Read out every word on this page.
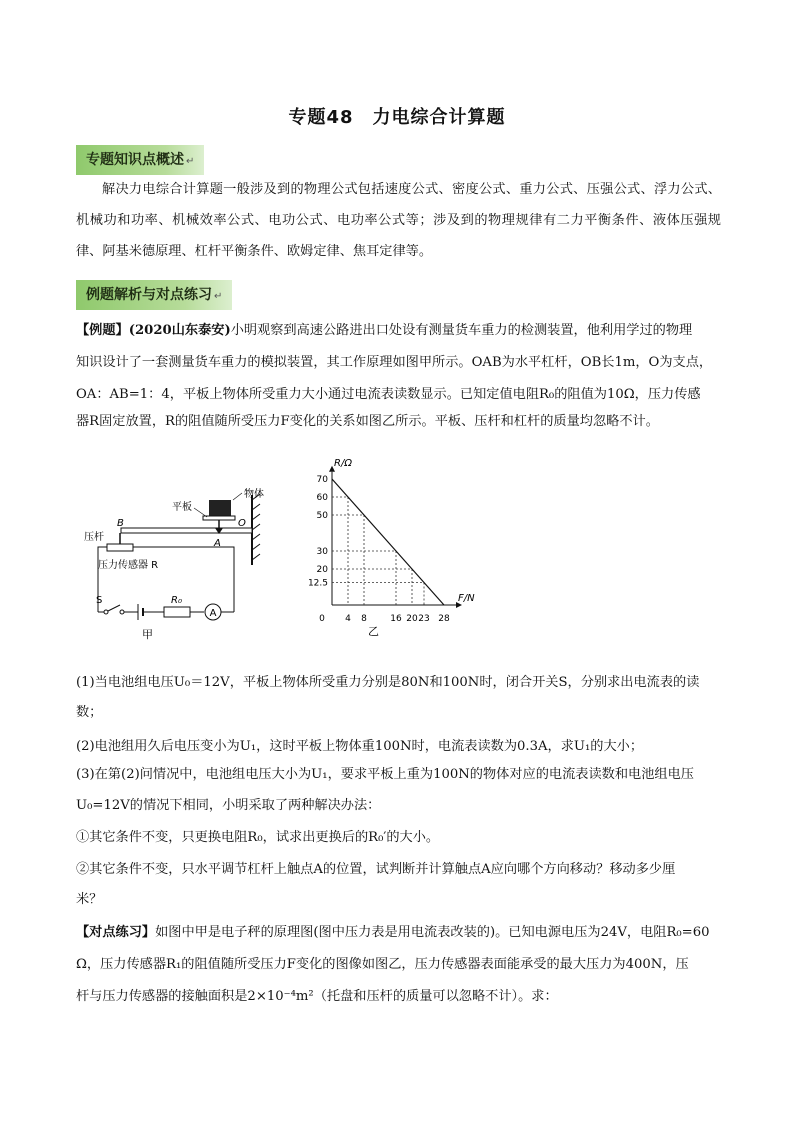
专题48　力电综合计算题
专题知识点概述 ↵

解决力电综合计算题一般涉及到的物理公式包括速度公式、密度公式、重力公式、压强公式、浮力公式、机械功和功率、机械效率公式、电功公式、电功率公式等；涉及到的物理规律有二力平衡条件、液体压强规律、阿基米德原理、杠杆平衡条件、欧姆定律、焦耳定律等。

例题解析与对点练习 ↵
【例题】(2020山东泰安)小明观察到高速公路进出口处设有测量货车重力的检测装置，他利用学过的物理
知识设计了一套测量货车重力的模拟装置，其工作原理如图甲所示。OAB为水平杠杆，OB长1m，O为支点，
OA：AB=1：4，平板上物体所受重力大小通过电流表读数显示。已知定值电阻R₀的阻值为10Ω，压力传感
器R固定放置，R的阻值随所受压力F变化的关系如图乙所示。平板、压杆和杠杆的质量均忽略不计。
物体
平板
B	O
A
压杆
压力传感器 R
S	R₀
A
甲
R/Ω
F/N
70
60
50
30
20
12.5
0 4 8	16 20 23 28
乙
(1)当电池组电压U₀＝12V，平板上物体所受重力分别是80N和100N时，闭合开关S，分别求出电流表的读
数；
(2)电池组用久后电压变小为U₁，这时平板上物体重100N时，电流表读数为0.3A，求U₁的大小；
(3)在第(2)问情况中，电池组电压大小为U₁，要求平板上重为100N的物体对应的电流表读数和电池组电压
U₀=12V的情况下相同，小明采取了两种解决办法：
①其它条件不变，只更换电阻R₀，试求出更换后的R₀′的大小。
②其它条件不变，只水平调节杠杆上触点A的位置，试判断并计算触点A应向哪个方向移动？移动多少厘
米？
【对点练习】如图中甲是电子秤的原理图(图中压力表是用电流表改装的)。已知电源电压为24V，电阻R₀=60
Ω，压力传感器R₁的阻值随所受压力F变化的图像如图乙，压力传感器表面能承受的最大压力为400N，压
杆与压力传感器的接触面积是2×10⁻⁴m²（托盘和压杆的质量可以忽略不计）。求：
